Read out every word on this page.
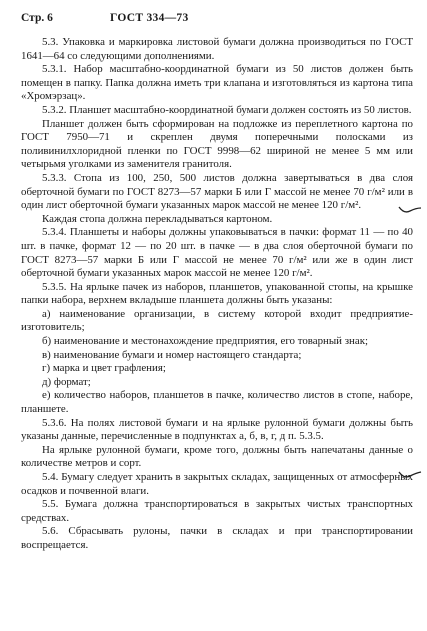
Стр. 6	ГОСТ 334—73

5.3. Упаковка и маркировка листовой бумаги должна производиться по ГОСТ 1641—64 со следующими дополнениями.

5.3.1. Набор масштабно-координатной бумаги из 50 листов должен быть помещен в папку. Папка должна иметь три клапана и изготовляться из картона типа «Хромэрзац».

5.3.2. Планшет масштабно-координатной бумаги должен состоять из 50 листов.

Планшет должен быть сформирован на подложке из переплетного картона по ГОСТ 7950—71 и скреплен двумя поперечными полосками из поливинилхлоридной пленки по ГОСТ 9998—62 шириной не менее 5 мм или четырьмя уголками из заменителя гранитоля.

5.3.3. Стопа из 100, 250, 500 листов должна завертываться в два слоя оберточной бумаги по ГОСТ 8273—57 марки Б или Г массой не менее 70 г/м² или в один лист оберточной бумаги указанных марок массой не менее 120 г/м².

Каждая стопа должна перекладываться картоном.

5.3.4. Планшеты и наборы должны упаковываться в пачки: формат 11 — по 40 шт. в пачке, формат 12 — по 20 шт. в пачке — в два слоя оберточной бумаги по ГОСТ 8273—57 марки Б или Г массой не менее 70 г/м² или же в один лист оберточной бумаги указанных марок массой не менее 120 г/м².

5.3.5. На ярлыке пачек из наборов, планшетов, упакованной стопы, на крышке папки набора, верхнем вкладыше планшета должны быть указаны:

а) наименование организации, в систему которой входит предприятие-изготовитель;

б) наименование и местонахождение предприятия, его товарный знак;

в) наименование бумаги и номер настоящего стандарта;

г) марка и цвет графления;

д) формат;

е) количество наборов, планшетов в пачке, количество листов в стопе, наборе, планшете.

5.3.6. На полях листовой бумаги и на ярлыке рулонной бумаги должны быть указаны данные, перечисленные в подпунктах а, б, в, г, д п. 5.3.5.

На ярлыке рулонной бумаги, кроме того, должны быть напечатаны данные о количестве метров и сорт.

5.4. Бумагу следует хранить в закрытых складах, защищенных от атмосферных осадков и почвенной влаги.

5.5. Бумага должна транспортироваться в закрытых чистых транспортных средствах.

5.6. Сбрасывать рулоны, пачки в складах и при транспортировании воспрещается.
